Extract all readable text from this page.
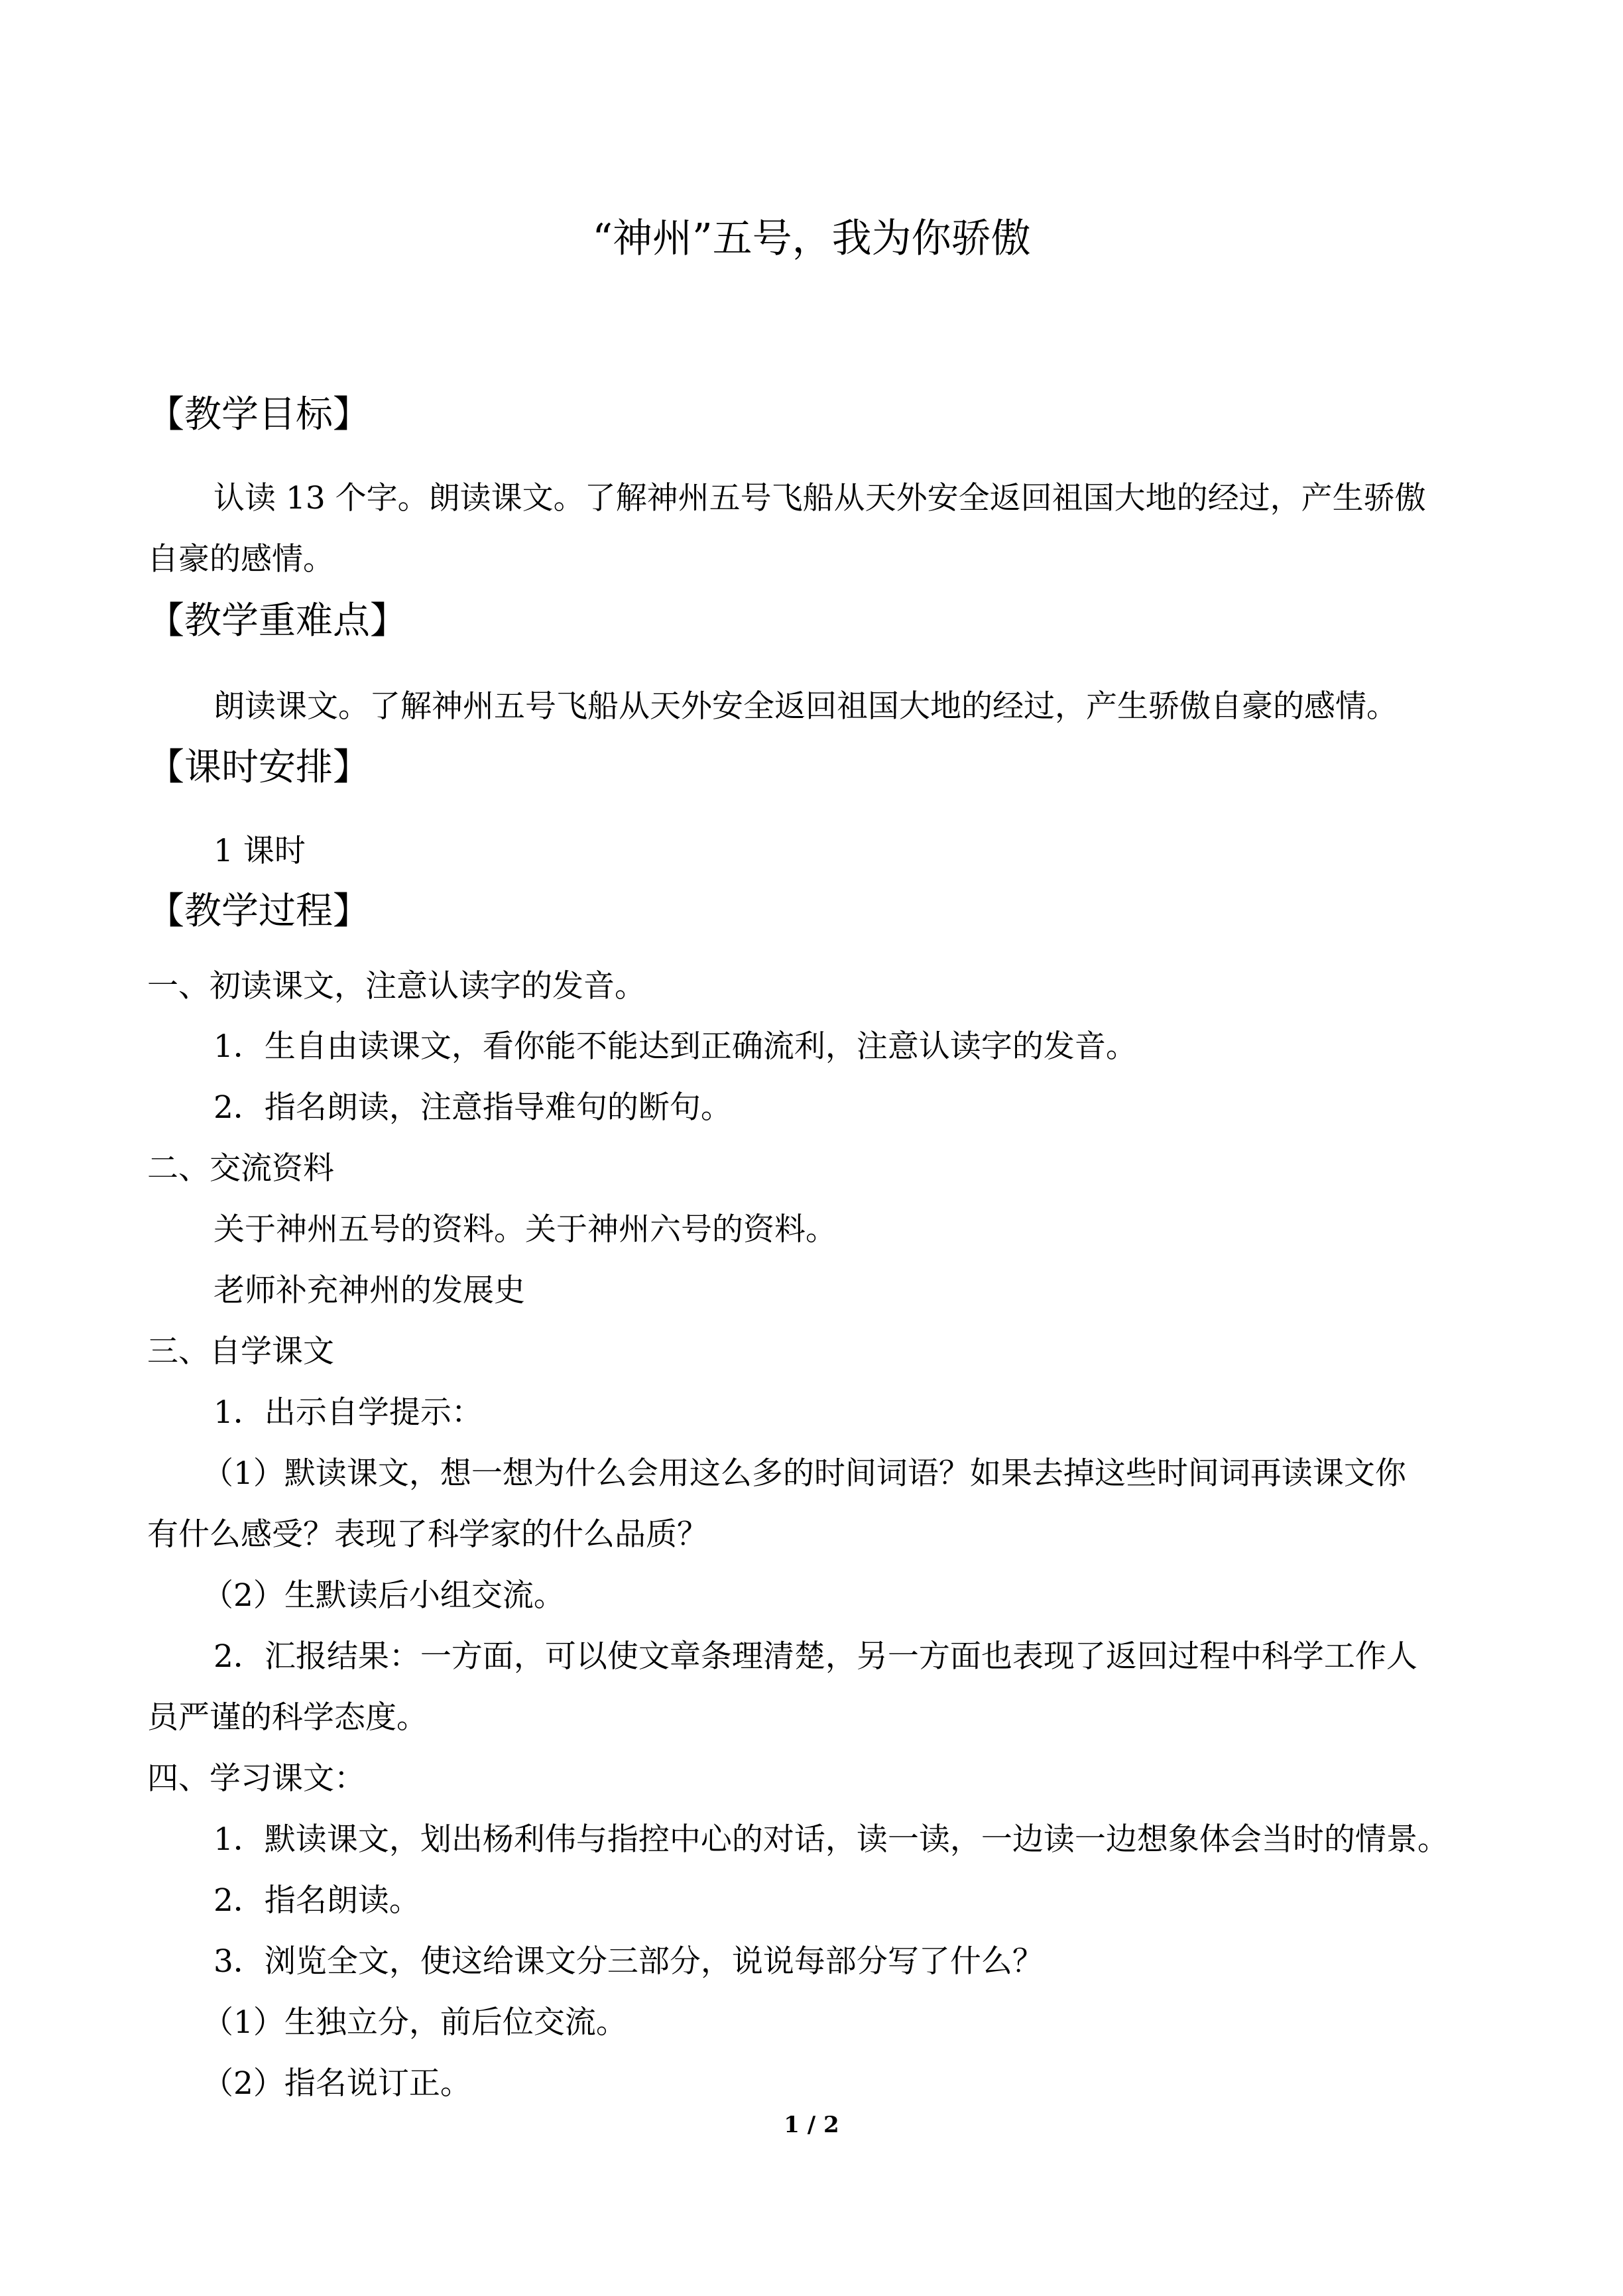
“神州”五号，我为你骄傲
【教学目标】

认读 13 个字。朗读课文。了解神州五号飞船从天外安全返回祖国大地的经过，产生骄傲

自豪的感情。

【教学重难点】

朗读课文。了解神州五号飞船从天外安全返回祖国大地的经过，产生骄傲自豪的感情。

【课时安排】

1 课时

【教学过程】

一、初读课文，注意认读字的发音。

1．生自由读课文，看你能不能达到正确流利，注意认读字的发音。

2．指名朗读，注意指导难句的断句。

二、交流资料

关于神州五号的资料。关于神州六号的资料。

老师补充神州的发展史

三、自学课文

1．出示自学提示：

（1）默读课文，想一想为什么会用这么多的时间词语？如果去掉这些时间词再读课文你

有什么感受？表现了科学家的什么品质？

（2）生默读后小组交流。

2．汇报结果：一方面，可以使文章条理清楚，另一方面也表现了返回过程中科学工作人

员严谨的科学态度。

四、学习课文：

1．默读课文，划出杨利伟与指控中心的对话，读一读，一边读一边想象体会当时的情景。

2．指名朗读。

3．浏览全文，使这给课文分三部分，说说每部分写了什么？

（1）生独立分，前后位交流。

（2）指名说订正。

1 / 2
